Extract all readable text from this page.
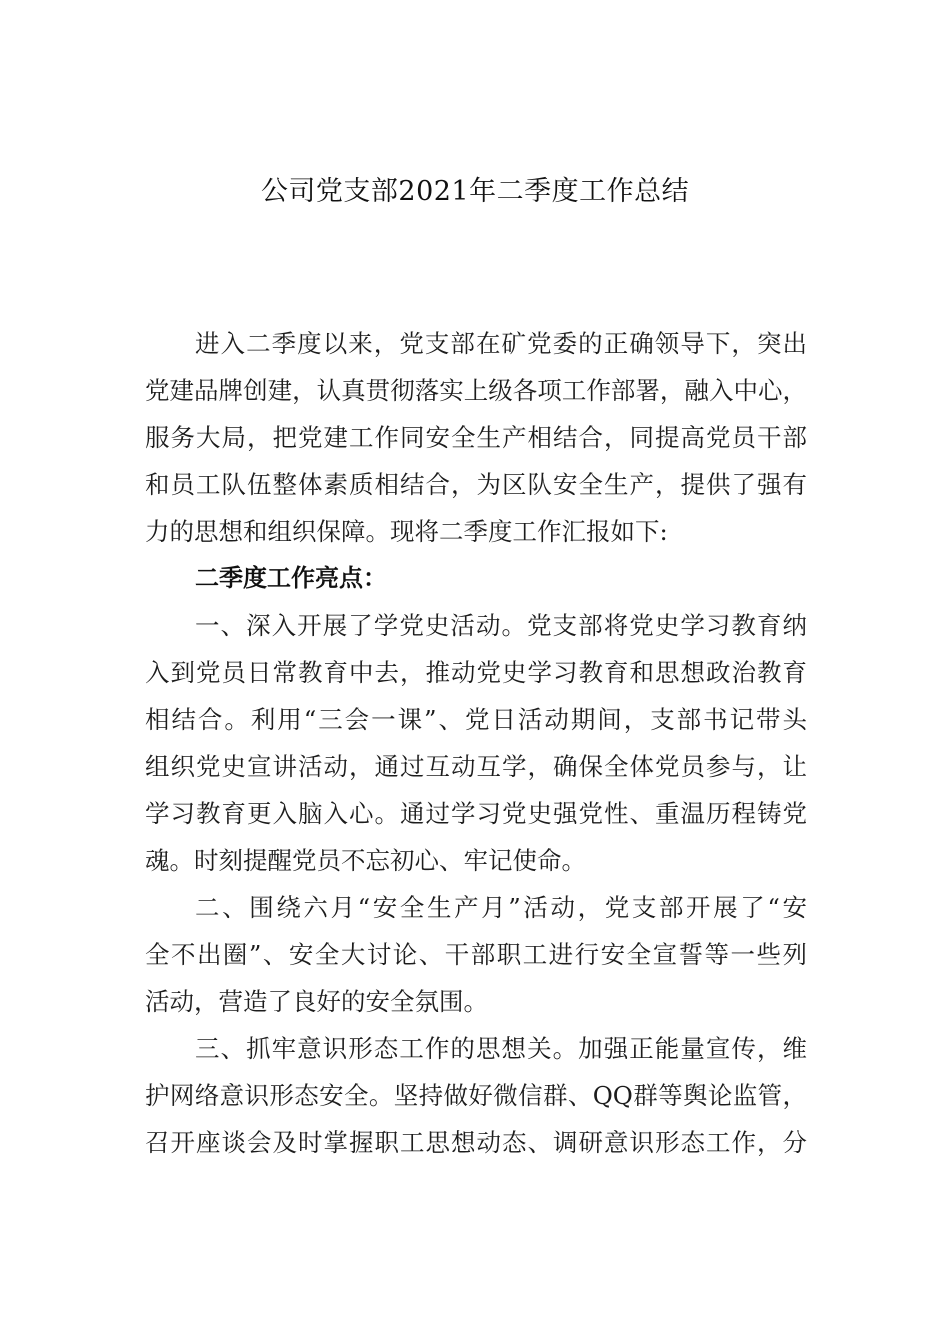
公司党支部2021年二季度工作总结
进入二季度以来，党支部在矿党委的正确领导下，突出
党建品牌创建，认真贯彻落实上级各项工作部署，融入中心，
服务大局，把党建工作同安全生产相结合，同提高党员干部
和员工队伍整体素质相结合，为区队安全生产，提供了强有
力的思想和组织保障。现将二季度工作汇报如下:
二季度工作亮点：
一、深入开展了学党史活动。党支部将党史学习教育纳
入到党员日常教育中去，推动党史学习教育和思想政治教育
相结合。利用“三会一课”、党日活动期间，支部书记带头
组织党史宣讲活动，通过互动互学，确保全体党员参与，让
学习教育更入脑入心。通过学习党史强党性、重温历程铸党
魂。时刻提醒党员不忘初心、牢记使命。
二、围绕六月“安全生产月”活动，党支部开展了“安
全不出圈”、安全大讨论、干部职工进行安全宣誓等一些列
活动，营造了良好的安全氛围。
三、抓牢意识形态工作的思想关。加强正能量宣传，维
护网络意识形态安全。坚持做好微信群、QQ群等舆论监管，
召开座谈会及时掌握职工思想动态、调研意识形态工作，分
